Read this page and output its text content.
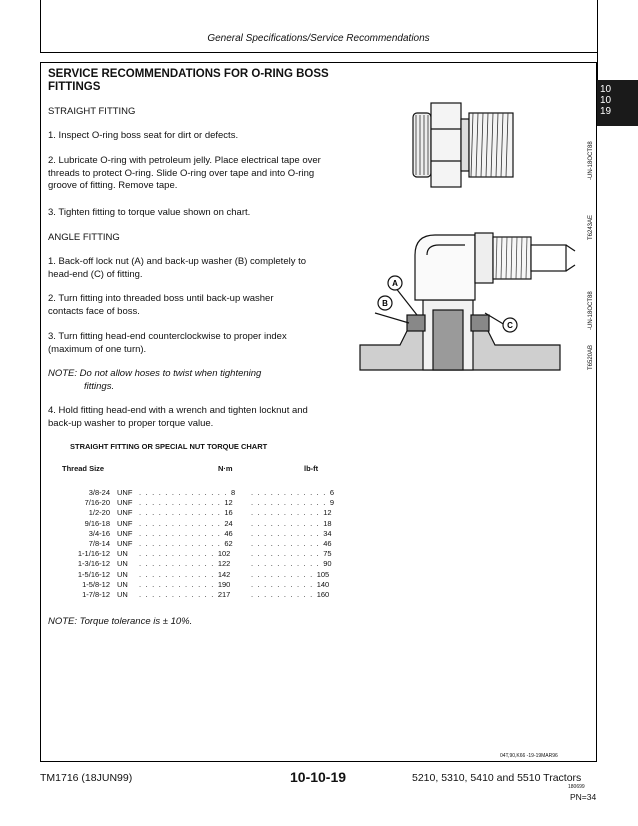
General Specifications/Service Recommendations
10
10
19
T6243AE
-UN-18OCT88
T6520AB
-UN-18OCT88
SERVICE RECOMMENDATIONS FOR O-RING BOSS FITTINGS
STRAIGHT FITTING
1. Inspect O-ring boss seat for dirt or defects.
2. Lubricate O-ring with petroleum jelly. Place electrical tape over threads to protect O-ring. Slide O-ring over tape and into O-ring groove of fitting. Remove tape.
3. Tighten fitting to torque value shown on chart.
ANGLE FITTING
1. Back-off lock nut (A) and back-up washer (B) completely to head-end (C) of fitting.
2. Turn fitting into threaded boss until back-up washer contacts face of boss.
3. Turn fitting head-end counterclockwise to proper index (maximum of one turn).
NOTE: Do not allow hoses to twist when tightening
fittings.
4. Hold fitting head-end with a wrench and tighten locknut and back-up washer to proper torque value.
A
B
C
STRAIGHT FITTING OR SPECIAL NUT TORQUE CHART
Thread Size	N·m	lb-ft
3/8-24	UNF	. . . . . . . . . . . . . . 8	. . . . . . . . . . . . 6
7/16-20	UNF	. . . . . . . . . . . . . 12	. . . . . . . . . . . . 9
1/2-20	UNF	. . . . . . . . . . . . . 16	. . . . . . . . . . . 12
9/16-18	UNF	. . . . . . . . . . . . . 24	. . . . . . . . . . . 18
3/4-16	UNF	. . . . . . . . . . . . . 46	. . . . . . . . . . . 34
7/8-14	UNF	. . . . . . . . . . . . . 62	. . . . . . . . . . . 46
1-1/16-12	UN	. . . . . . . . . . . . 102	. . . . . . . . . . . 75
1-3/16-12	UN	. . . . . . . . . . . . 122	. . . . . . . . . . . 90
1-5/16-12	UN	. . . . . . . . . . . . 142	. . . . . . . . . . 105
1-5/8-12	UN	. . . . . . . . . . . . 190	. . . . . . . . . . 140
1-7/8-12	UN	. . . . . . . . . . . . 217	. . . . . . . . . . 160
NOTE: Torque tolerance is ± 10%.
04T,90,K66 -19-19MAR96
TM1716 (18JUN99)	10-10-19	5210, 5310, 5410 and 5510 Tractors
180699
PN=34
